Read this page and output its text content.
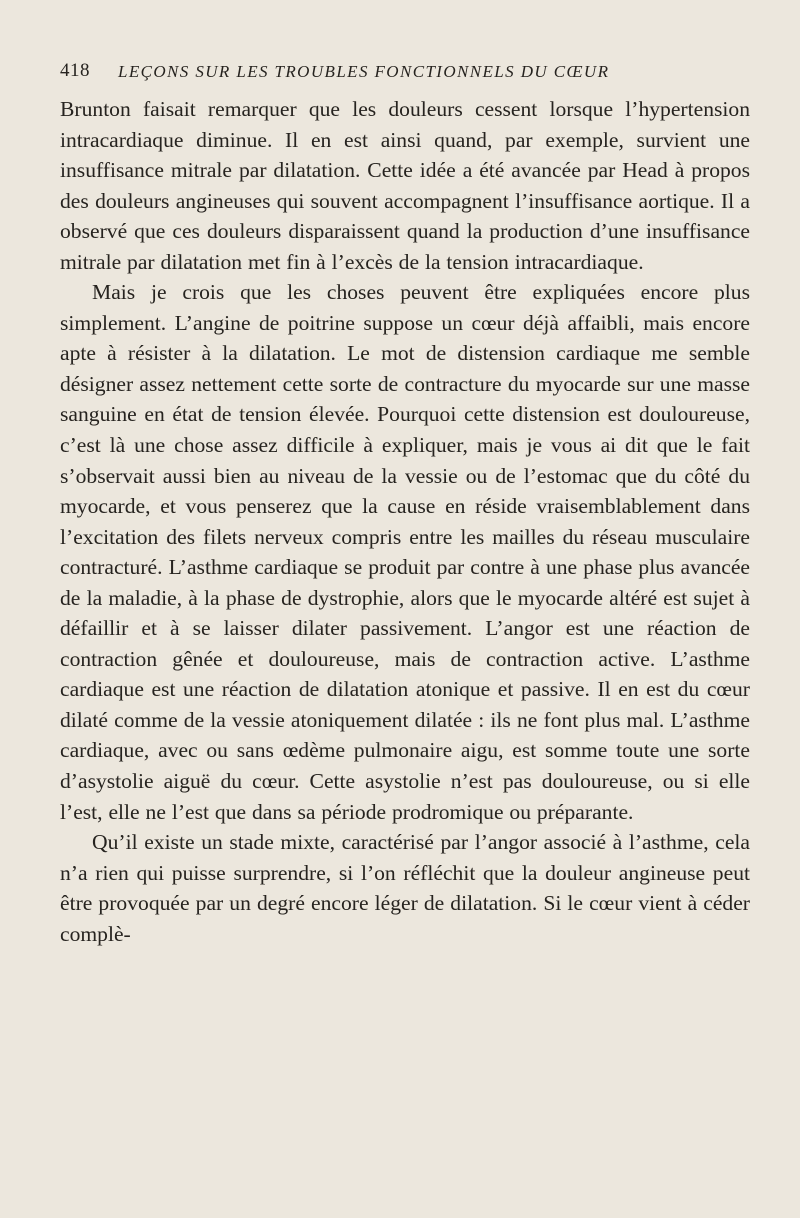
418 LEÇONS SUR LES TROUBLES FONCTIONNELS DU CŒUR

Brunton faisait remarquer que les douleurs cessent lorsque l’hypertension intracardiaque diminue. Il en est ainsi quand, par exemple, survient une insuffisance mitrale par dilatation. Cette idée a été avancée par Head à propos des douleurs angineuses qui souvent accompagnent l’insuffisance aortique. Il a observé que ces douleurs disparaissent quand la production d’une insuffisance mitrale par dilatation met fin à l’excès de la tension intracardiaque.

Mais je crois que les choses peuvent être expliquées encore plus simplement. L’angine de poitrine suppose un cœur déjà affaibli, mais encore apte à résister à la dilatation. Le mot de distension cardiaque me semble désigner assez nettement cette sorte de contracture du myocarde sur une masse sanguine en état de tension élevée. Pourquoi cette distension est douloureuse, c’est là une chose assez difficile à expliquer, mais je vous ai dit que le fait s’observait aussi bien au niveau de la vessie ou de l’estomac que du côté du myocarde, et vous penserez que la cause en réside vraisemblablement dans l’excitation des filets nerveux compris entre les mailles du réseau musculaire contracturé. L’asthme cardiaque se produit par contre à une phase plus avancée de la maladie, à la phase de dystrophie, alors que le myocarde altéré est sujet à défaillir et à se laisser dilater passivement. L’angor est une réaction de contraction gênée et douloureuse, mais de contraction active. L’asthme cardiaque est une réaction de dilatation atonique et passive. Il en est du cœur dilaté comme de la vessie atoniquement dilatée : ils ne font plus mal. L’asthme cardiaque, avec ou sans œdème pulmonaire aigu, est somme toute une sorte d’asystolie aiguë du cœur. Cette asystolie n’est pas douloureuse, ou si elle l’est, elle ne l’est que dans sa période prodromique ou préparante.

Qu’il existe un stade mixte, caractérisé par l’angor associé à l’asthme, cela n’a rien qui puisse surprendre, si l’on réfléchit que la douleur angineuse peut être provoquée par un degré encore léger de dilatation. Si le cœur vient à céder complè-
